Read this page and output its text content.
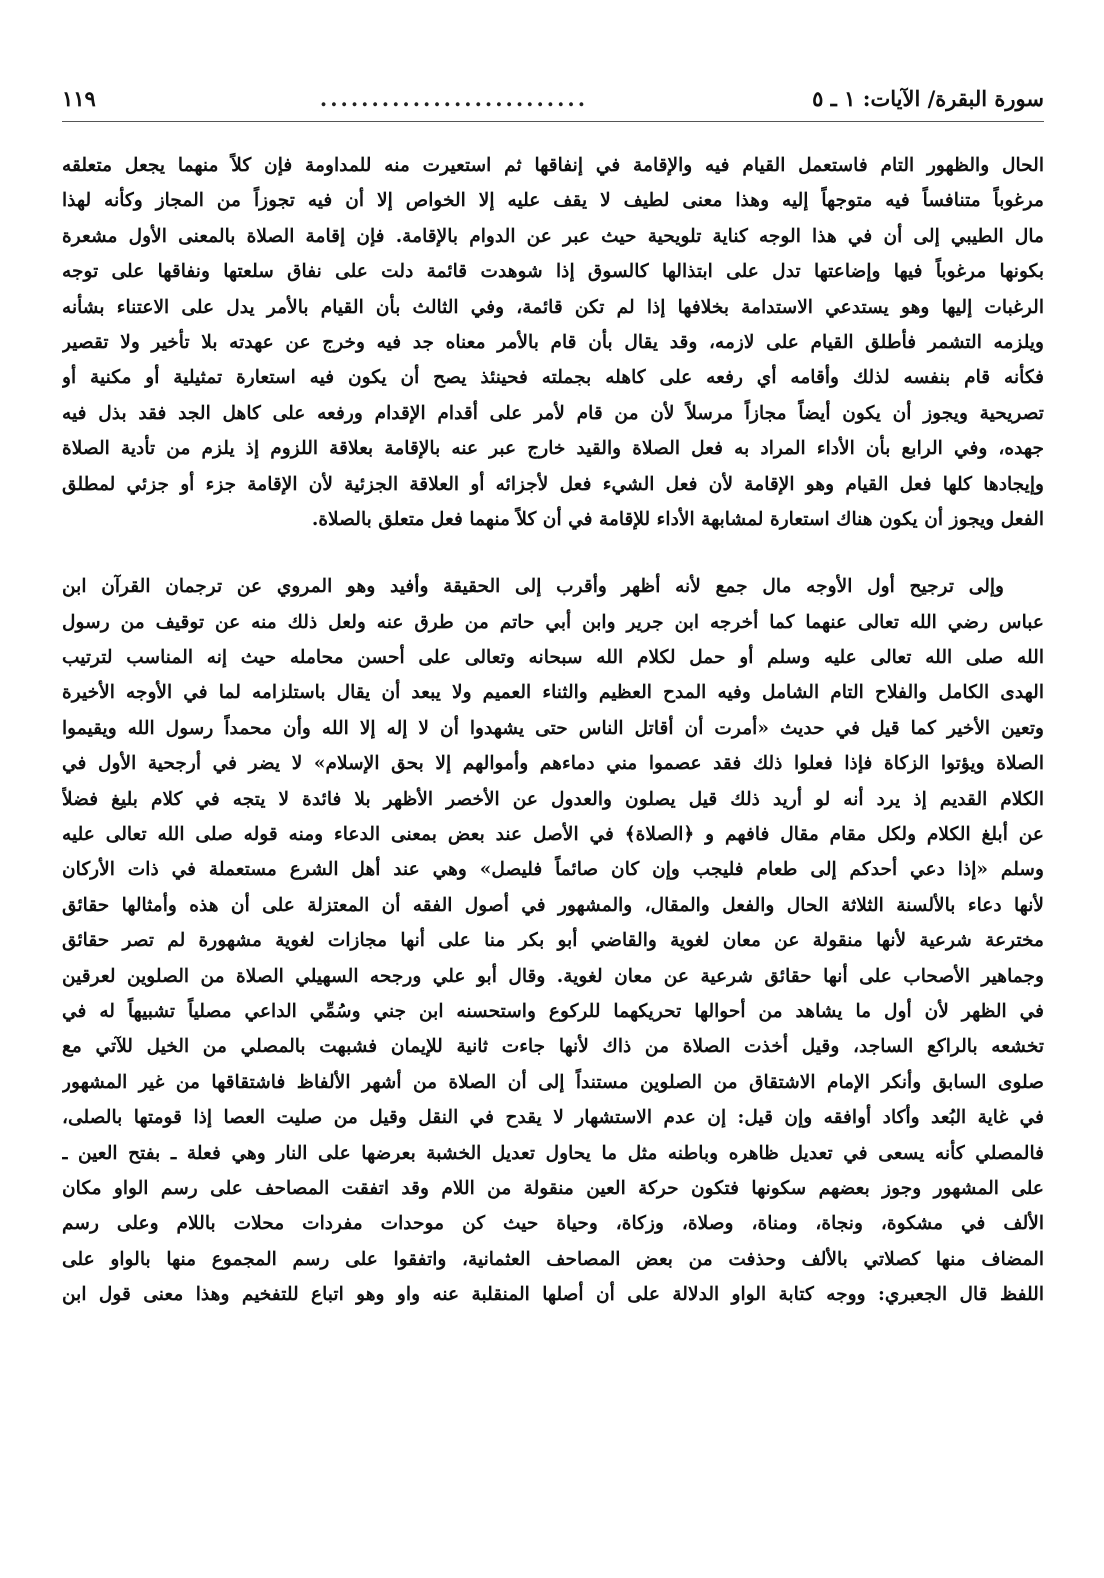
سورة البقرة/ الآيات: ١ ـ ٥
..........................
١١٩
الحال والظهور التام فاستعمل القيام فيه والإقامة في إنفاقها ثم استعيرت منه للمداومة فإن كلاً منهما يجعل متعلقه
مرغوباً متنافساً فيه متوجهاً إليه وهذا معنى لطيف لا يقف عليه إلا الخواص إلا أن فيه تجوزاً من المجاز وكأنه لهذا
مال الطيبي إلى أن في هذا الوجه كناية تلويحية حيث عبر عن الدوام بالإقامة. فإن إقامة الصلاة بالمعنى الأول مشعرة
بكونها مرغوباً فيها وإضاعتها تدل على ابتذالها كالسوق إذا شوهدت قائمة دلت على نفاق سلعتها ونفاقها على توجه
الرغبات إليها وهو يستدعي الاستدامة بخلافها إذا لم تكن قائمة، وفي الثالث بأن القيام بالأمر يدل على الاعتناء بشأنه
ويلزمه التشمر فأطلق القيام على لازمه، وقد يقال بأن قام بالأمر معناه جد فيه وخرج عن عهدته بلا تأخير ولا تقصير
فكأنه قام بنفسه لذلك وأقامه أي رفعه على كاهله بجملته فحينئذ يصح أن يكون فيه استعارة تمثيلية أو مكنية أو
تصريحية ويجوز أن يكون أيضاً مجازاً مرسلاً لأن من قام لأمر على أقدام الإقدام ورفعه على كاهل الجد فقد بذل فيه
جهده، وفي الرابع بأن الأداء المراد به فعل الصلاة والقيد خارج عبر عنه بالإقامة بعلاقة اللزوم إذ يلزم من تأدية الصلاة
وإيجادها كلها فعل القيام وهو الإقامة لأن فعل الشيء فعل لأجزائه أو العلاقة الجزئية لأن الإقامة جزء أو جزئي لمطلق
الفعل ويجوز أن يكون هناك استعارة لمشابهة الأداء للإقامة في أن كلاً منهما فعل متعلق بالصلاة.
وإلى ترجيح أول الأوجه مال جمع لأنه أظهر وأقرب إلى الحقيقة وأفيد وهو المروي عن ترجمان القرآن ابن
عباس رضي الله تعالى عنهما كما أخرجه ابن جرير وابن أبي حاتم من طرق عنه ولعل ذلك منه عن توقيف من رسول
الله صلى الله تعالى عليه وسلم أو حمل لكلام الله سبحانه وتعالى على أحسن محامله حيث إنه المناسب لترتيب
الهدى الكامل والفلاح التام الشامل وفيه المدح العظيم والثناء العميم ولا يبعد أن يقال باستلزامه لما في الأوجه الأخيرة
وتعين الأخير كما قيل في حديث «أمرت أن أقاتل الناس حتى يشهدوا أن لا إله إلا الله وأن محمداً رسول الله ويقيموا
الصلاة ويؤتوا الزكاة فإذا فعلوا ذلك فقد عصموا مني دماءهم وأموالهم إلا بحق الإسلام» لا يضر في أرجحية الأول في
الكلام القديم إذ يرد أنه لو أريد ذلك قيل يصلون والعدول عن الأخصر الأظهر بلا فائدة لا يتجه في كلام بليغ فضلاً
عن أبلغ الكلام ولكل مقام مقال فافهم و ﴿الصلاة﴾ في الأصل عند بعض بمعنى الدعاء ومنه قوله صلى الله تعالى عليه
وسلم «إذا دعي أحدكم إلى طعام فليجب وإن كان صائماً فليصل» وهي عند أهل الشرع مستعملة في ذات الأركان
لأنها دعاء بالألسنة الثلاثة الحال والفعل والمقال، والمشهور في أصول الفقه أن المعتزلة على أن هذه وأمثالها حقائق
مخترعة شرعية لأنها منقولة عن معان لغوية والقاضي أبو بكر منا على أنها مجازات لغوية مشهورة لم تصر حقائق
وجماهير الأصحاب على أنها حقائق شرعية عن معان لغوية. وقال أبو علي ورجحه السهيلي الصلاة من الصلوين لعرقين
في الظهر لأن أول ما يشاهد من أحوالها تحريكهما للركوع واستحسنه ابن جني وسُمِّي الداعي مصلياً تشبيهاً له في
تخشعه بالراكع الساجد، وقيل أخذت الصلاة من ذاك لأنها جاءت ثانية للإيمان فشبهت بالمصلي من الخيل للآتي مع
صلوى السابق وأنكر الإمام الاشتقاق من الصلوين مستنداً إلى أن الصلاة من أشهر الألفاظ فاشتقاقها من غير المشهور
في غاية البُعد وأكاد أوافقه وإن قيل: إن عدم الاستشهار لا يقدح في النقل وقيل من صليت العصا إذا قومتها بالصلى،
فالمصلي كأنه يسعى في تعديل ظاهره وباطنه مثل ما يحاول تعديل الخشبة بعرضها على النار وهي فعلة ـ بفتح العين ـ
على المشهور وجوز بعضهم سكونها فتكون حركة العين منقولة من اللام وقد اتفقت المصاحف على رسم الواو مكان
الألف في مشكوة، ونجاة، ومناة، وصلاة، وزكاة، وحياة حيث كن موحدات مفردات محلات باللام وعلى رسم
المضاف منها كصلاتي بالألف وحذفت من بعض المصاحف العثمانية، واتفقوا على رسم المجموع منها بالواو على
اللفظ قال الجعبري: ووجه كتابة الواو الدلالة على أن أصلها المنقلبة عنه واو وهو اتباع للتفخيم وهذا معنى قول ابن
